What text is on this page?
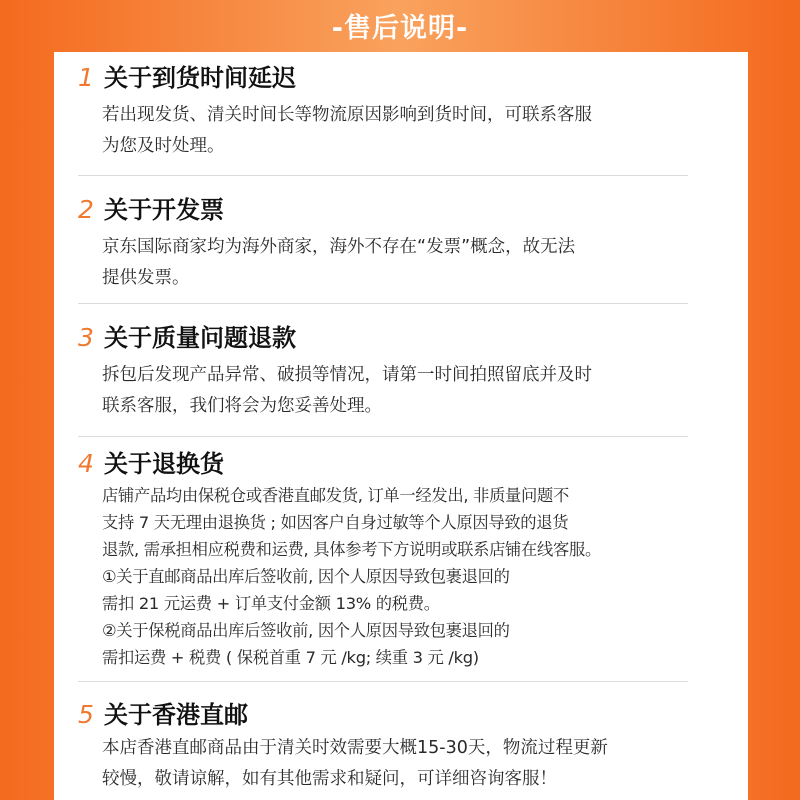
-售后说明-
1 关于到货时间延迟
若出现发货、清关时间长等物流原因影响到货时间，可联系客服
为您及时处理。
2 关于开发票
京东国际商家均为海外商家，海外不存在“发票”概念，故无法
提供发票。
3 关于质量问题退款
拆包后发现产品异常、破损等情况，请第一时间拍照留底并及时
联系客服，我们将会为您妥善处理。
4 关于退换货
店铺产品均由保税仓或香港直邮发货, 订单一经发出, 非质量问题不
支持 7 天无理由退换货 ; 如因客户自身过敏等个人原因导致的退货
退款, 需承担相应税费和运费, 具体参考下方说明或联系店铺在线客服。
①关于直邮商品出库后签收前, 因个人原因导致包裹退回的
需扣 21 元运费 + 订单支付金额 13% 的税费。
②关于保税商品出库后签收前, 因个人原因导致包裹退回的
需扣运费 + 税费 ( 保税首重 7 元 /kg; 续重 3 元 /kg)
5 关于香港直邮
本店香港直邮商品由于清关时效需要大概15-30天，物流过程更新
较慢，敬请谅解，如有其他需求和疑问，可详细咨询客服！
